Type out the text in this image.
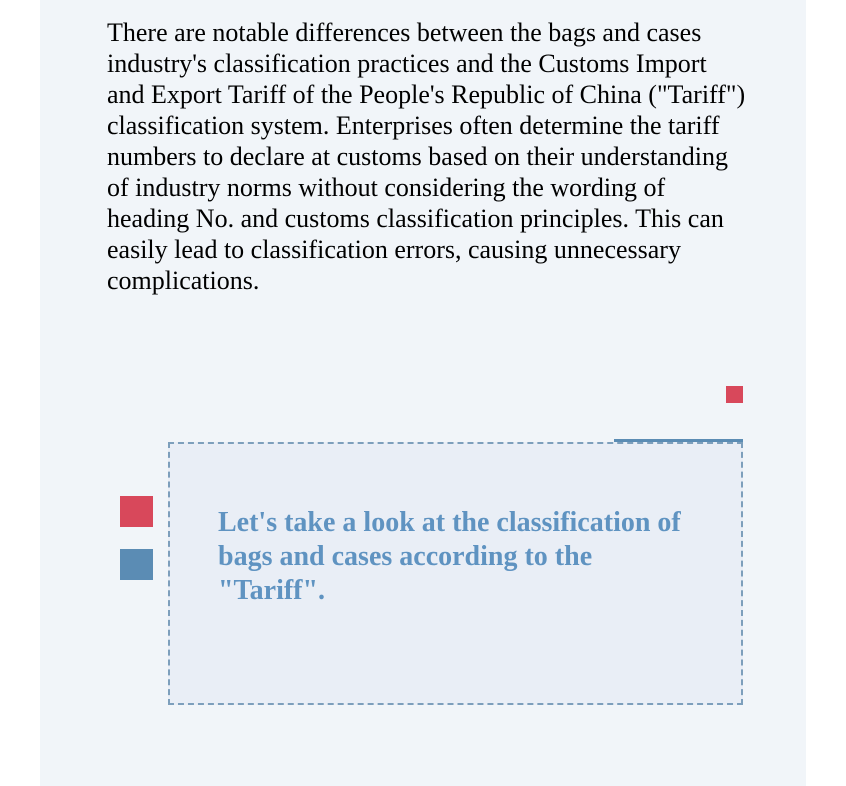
There are notable differences between the bags and cases industry's classification practices and the Customs Import and Export Tariff of the People's Republic of China ("Tariff") classification system. Enterprises often determine the tariff numbers to declare at customs based on their understanding of industry norms without considering the wording of heading No. and customs classification principles. This can easily lead to classification errors, causing unnecessary complications.

Let's take a look at the classification of bags and cases according to the "Tariff".
